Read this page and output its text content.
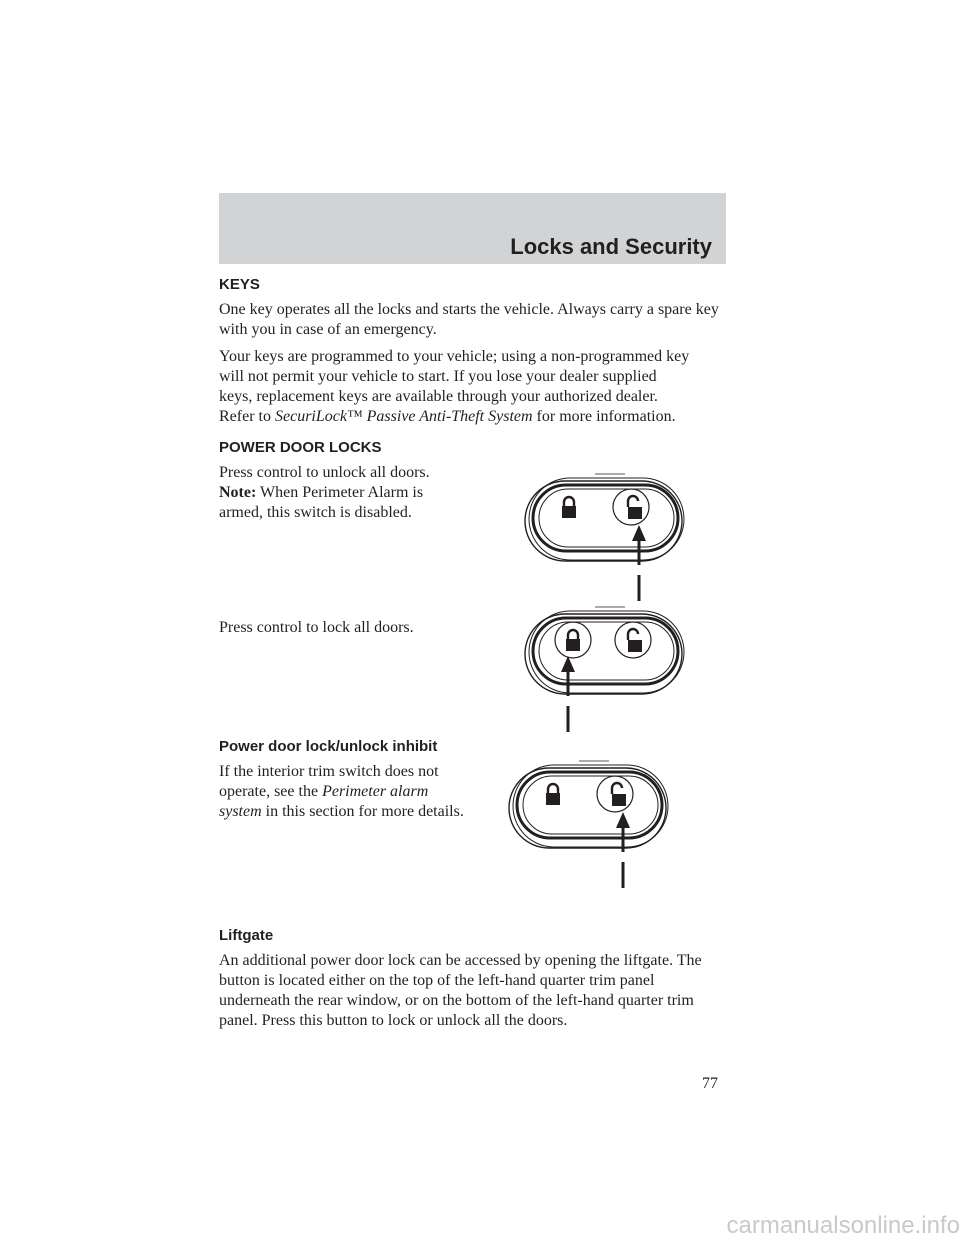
Locks and Security
KEYS

One key operates all the locks and starts the vehicle. Always carry a spare key with you in case of an emergency.

Your keys are programmed to your vehicle; using a non-programmed key
will not permit your vehicle to start. If you lose your dealer supplied
keys, replacement keys are available through your authorized dealer.
Refer to SecuriLock™ Passive Anti-Theft System for more information.

POWER DOOR LOCKS

Press control to unlock all doors.

Note: When Perimeter Alarm is armed, this switch is disabled.

Press control to lock all doors.

Power door lock/unlock inhibit

If the interior trim switch does not operate, see the Perimeter alarm system in this section for more details.

Liftgate

An additional power door lock can be accessed by opening the liftgate. The button is located either on the top of the left-hand quarter trim panel underneath the rear window, or on the bottom of the left-hand quarter trim panel. Press this button to lock or unlock all the doors.

77
carmanualsonline.info
